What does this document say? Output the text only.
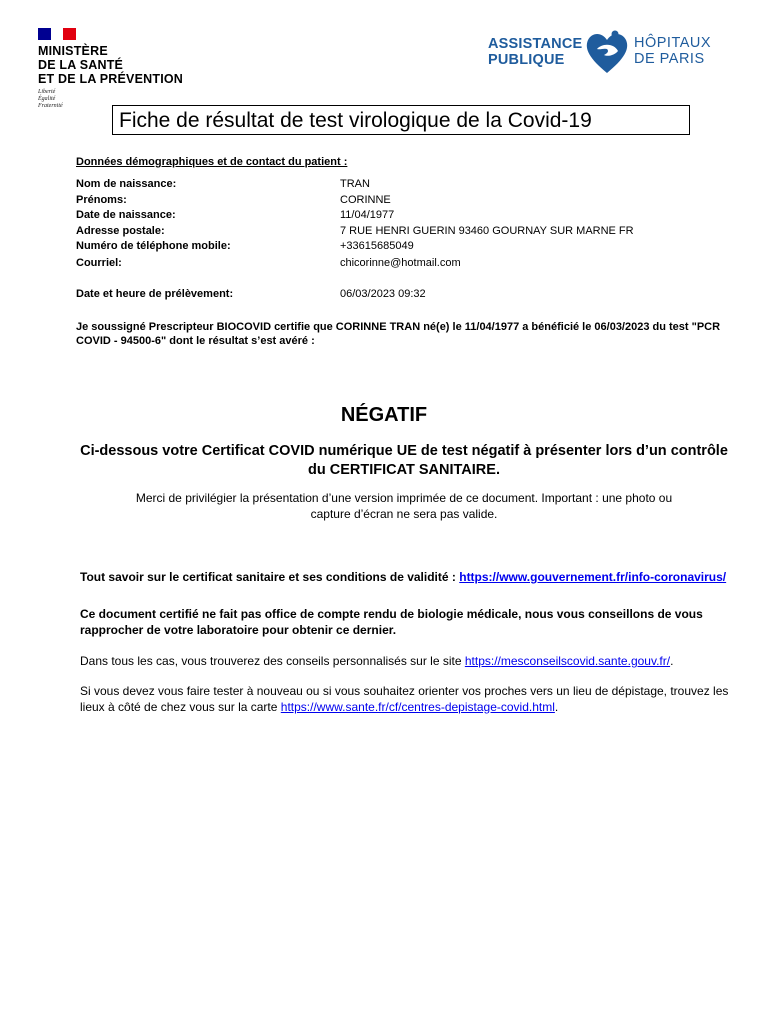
MINISTÈRE
DE LA SANTÉ
ET DE LA PRÉVENTION
Liberté
Égalité
Fraternité
ASSISTANCE
PUBLIQUE
HÔPITAUX
DE PARIS
Fiche de résultat de test virologique de la Covid-19
Données démographiques et de contact du patient :
Nom de naissance:	TRAN
Prénoms:	CORINNE
Date de naissance:	11/04/1977
Adresse postale:	7 RUE HENRI GUERIN 93460 GOURNAY SUR MARNE FR
Numéro de téléphone mobile:	+33615685049
Courriel:	chicorinne@hotmail.com
Date et heure de prélèvement:	06/03/2023 09:32
Je soussigné Prescripteur BIOCOVID certifie que CORINNE TRAN né(e) le 11/04/1977 a bénéficié le 06/03/2023 du test "PCR COVID - 94500-6" dont le résultat s’est avéré :
NÉGATIF
Ci-dessous votre Certificat COVID numérique UE de test négatif à présenter lors d’un contrôle du CERTIFICAT SANITAIRE.
Merci de privilégier la présentation d’une version imprimée de ce document. Important : une photo ou capture d’écran ne sera pas valide.
Tout savoir sur le certificat sanitaire et ses conditions de validité : https://www.gouvernement.fr/info-coronavirus/
Ce document certifié ne fait pas office de compte rendu de biologie médicale, nous vous conseillons de vous rapprocher de votre laboratoire pour obtenir ce dernier.
Dans tous les cas, vous trouverez des conseils personnalisés sur le site https://mesconseilscovid.sante.gouv.fr/.
Si vous devez vous faire tester à nouveau ou si vous souhaitez orienter vos proches vers un lieu de dépistage, trouvez les lieux à côté de chez vous sur la carte https://www.sante.fr/cf/centres-depistage-covid.html.
